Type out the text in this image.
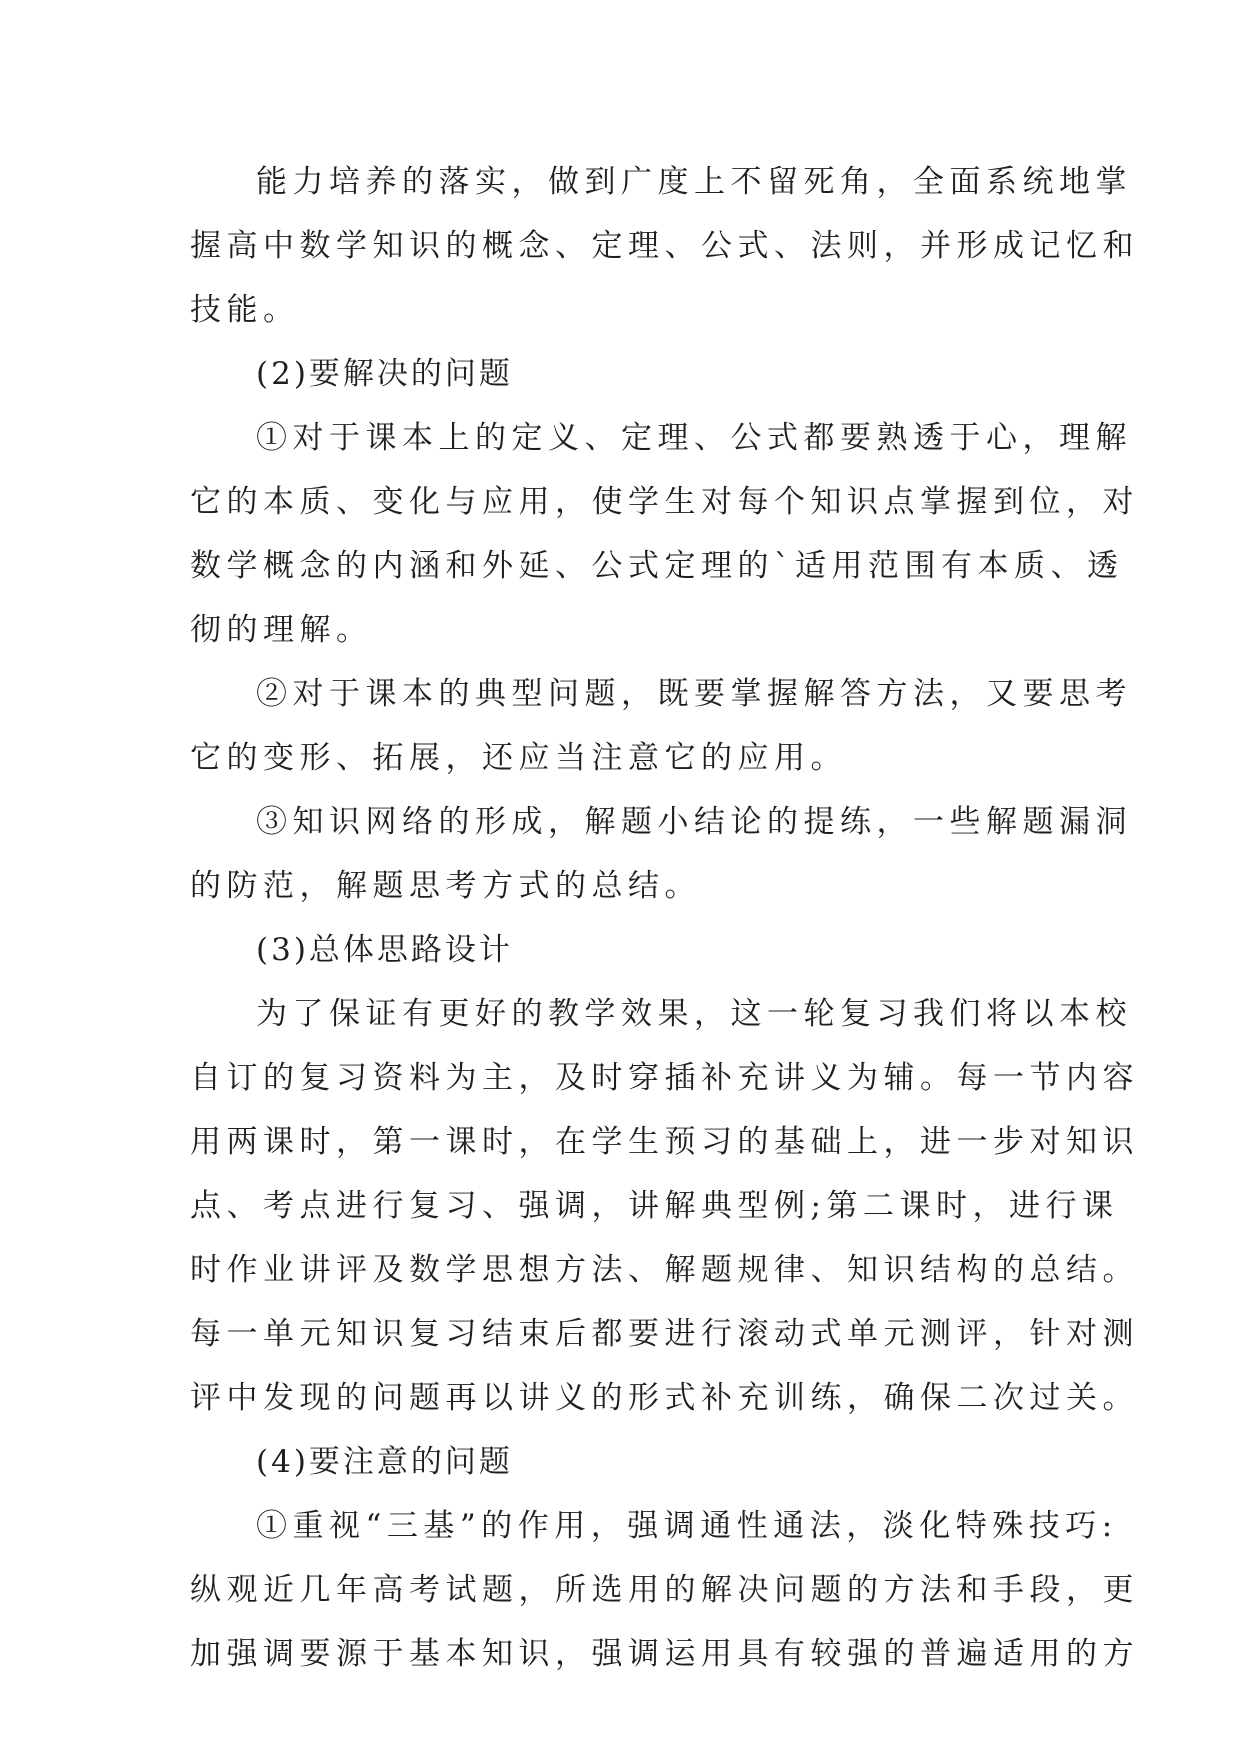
能力培养的落实，做到广度上不留死角，全面系统地掌
握高中数学知识的概念、定理、公式、法则，并形成记忆和
技能。
(2)要解决的问题
①对于课本上的定义、定理、公式都要熟透于心，理解
它的本质、变化与应用，使学生对每个知识点掌握到位，对
数学概念的内涵和外延、公式定理的`适用范围有本质、透
彻的理解。
②对于课本的典型问题，既要掌握解答方法，又要思考
它的变形、拓展，还应当注意它的应用。
③知识网络的形成，解题小结论的提练，一些解题漏洞
的防范，解题思考方式的总结。
(3)总体思路设计
为了保证有更好的教学效果，这一轮复习我们将以本校
自订的复习资料为主，及时穿插补充讲义为辅。每一节内容
用两课时，第一课时，在学生预习的基础上，进一步对知识
点、考点进行复习、强调，讲解典型例;第二课时，进行课
时作业讲评及数学思想方法、解题规律、知识结构的总结。
每一单元知识复习结束后都要进行滚动式单元测评，针对测
评中发现的问题再以讲义的形式补充训练，确保二次过关。
(4)要注意的问题
①重视“三基”的作用，强调通性通法，淡化特殊技巧:
纵观近几年高考试题，所选用的解决问题的方法和手段，更
加强调要源于基本知识，强调运用具有较强的普遍适用的方
